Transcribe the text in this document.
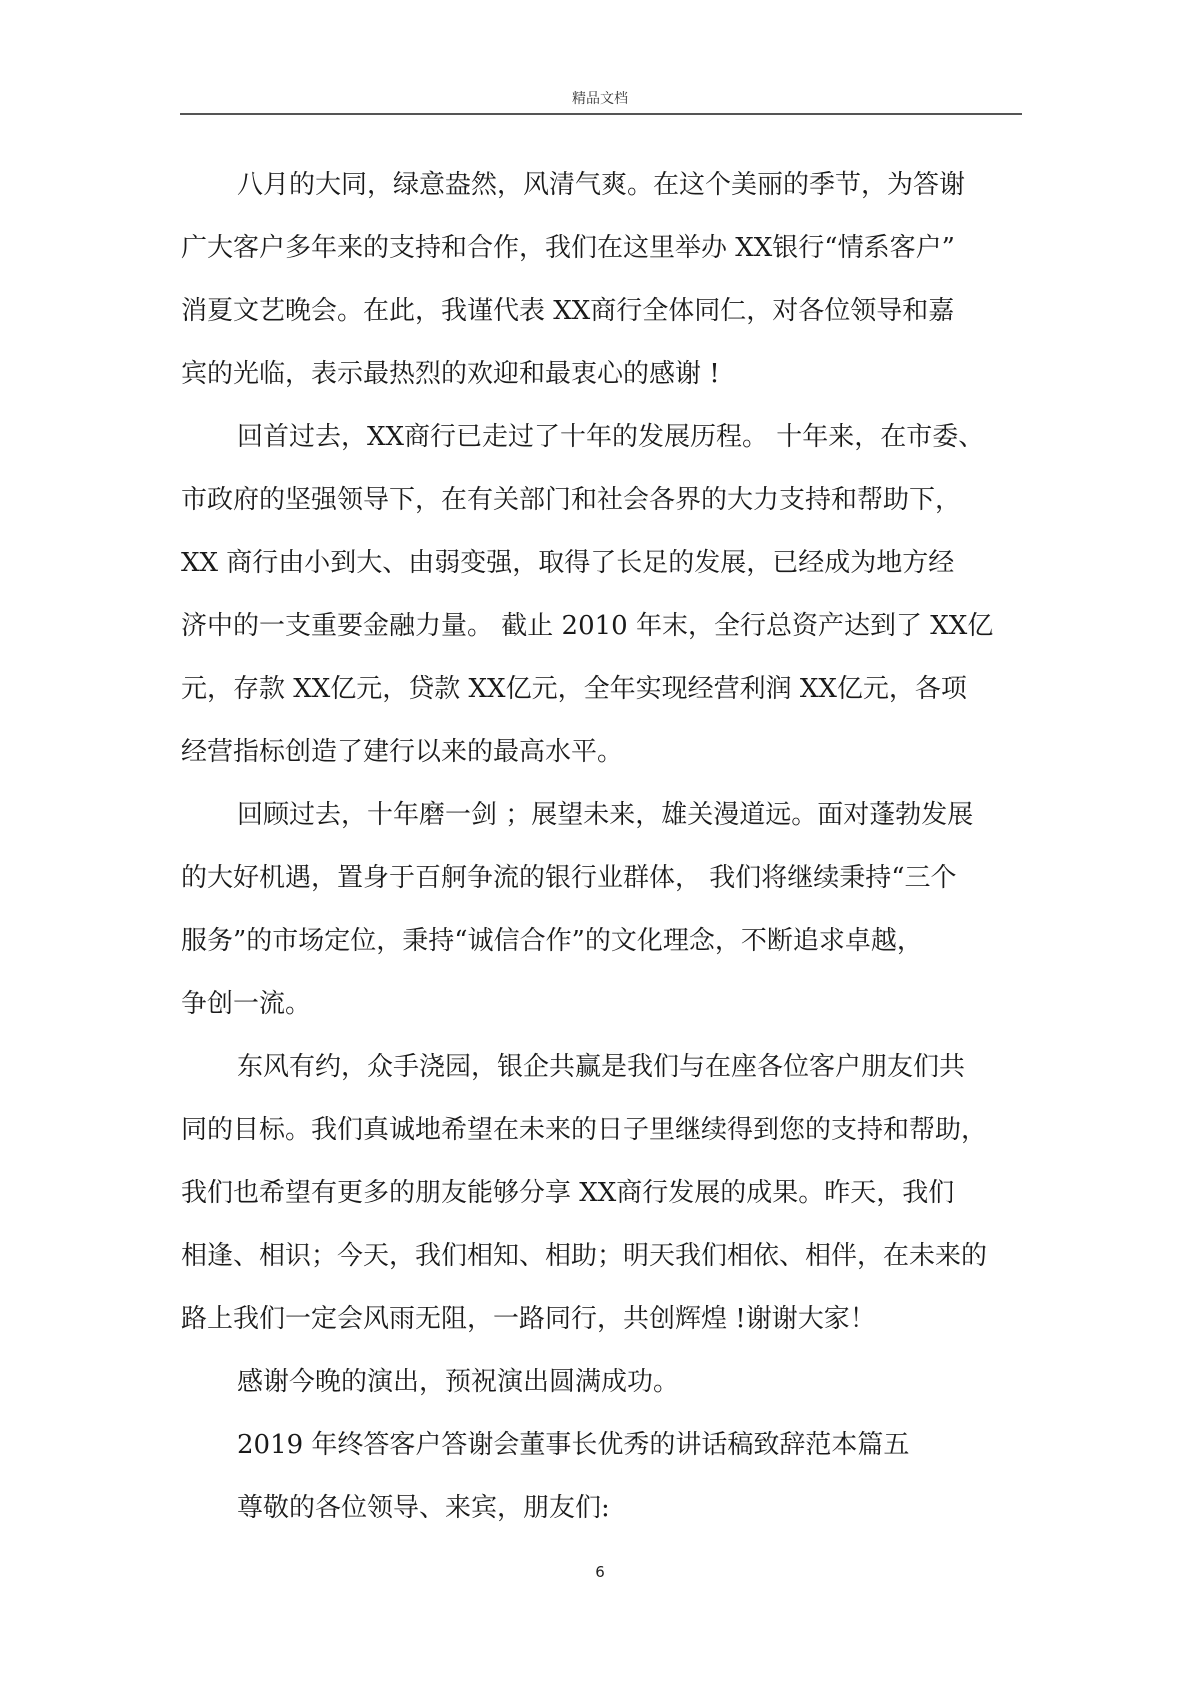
精品文档
八月的大同，绿意盎然，风清气爽。在这个美丽的季节，为答谢
广大客户多年来的支持和合作，我们在这里举办 XX银行“情系客户”
消夏文艺晚会。在此，我谨代表 XX商行全体同仁，对各位领导和嘉
宾的光临，表示最热烈的欢迎和最衷心的感谢 !
回首过去，XX商行已走过了十年的发展历程。 十年来，在市委、
市政府的坚强领导下，在有关部门和社会各界的大力支持和帮助下，
XX 商行由小到大、由弱变强，取得了长足的发展，已经成为地方经
济中的一支重要金融力量。 截止 2010 年末，全行总资产达到了 XX亿
元，存款 XX亿元，贷款 XX亿元，全年实现经营利润 XX亿元，各项
经营指标创造了建行以来的最高水平。
回顾过去，十年磨一剑 ；展望未来，雄关漫道远。面对蓬勃发展
的大好机遇，置身于百舸争流的银行业群体， 我们将继续秉持“三个
服务”的市场定位，秉持“诚信合作”的文化理念，不断追求卓越，
争创一流。
东风有约，众手浇园，银企共赢是我们与在座各位客户朋友们共
同的目标。我们真诚地希望在未来的日子里继续得到您的支持和帮助，
我们也希望有更多的朋友能够分享 XX商行发展的成果。昨天，我们
相逢、相识；今天，我们相知、相助；明天我们相依、相伴，在未来的
路上我们一定会风雨无阻，一路同行，共创辉煌 !谢谢大家！
感谢今晚的演出，预祝演出圆满成功。
2019 年终答客户答谢会董事长优秀的讲话稿致辞范本篇五
尊敬的各位领导、来宾，朋友们:
6
